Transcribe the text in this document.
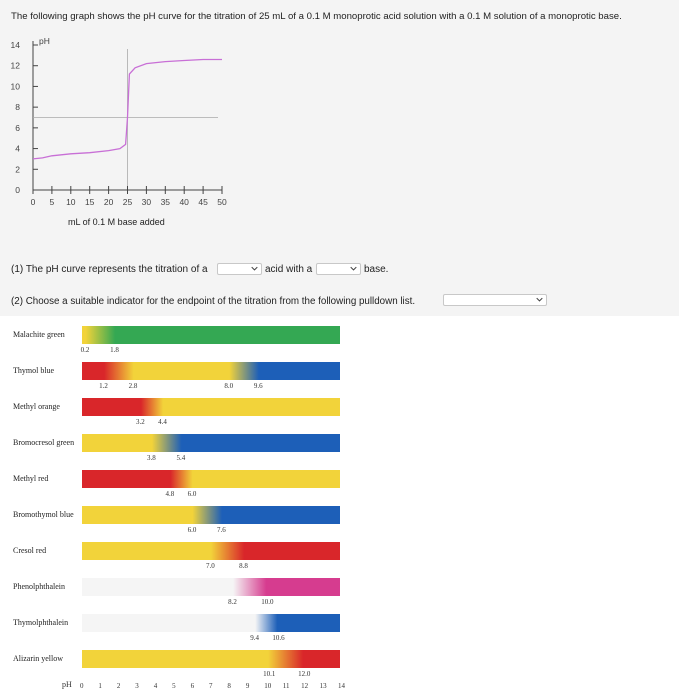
The following graph shows the pH curve for the titration of 25 mL of a 0.1 M monoprotic acid solution with a 0.1 M solution of a monoprotic base.
0
2
4
6
8
10
12
14 pH
0 5 10 15 20 25 30 35 40 45 50
mL of 0.1 M base added
(1) The pH curve represents the titration of a	acid with a	base.
(2) Choose a suitable indicator for the endpoint of the titration from the following pulldown list.
Malachite green
0.2	1.8
Thymol blue
1.2	2.8	8.0	9.6
Methyl orange
3.2 4.4
Bromocresol green
3.8	5.4
Methyl red
4.8 6.0
Bromothymol blue
6.0	7.6
Cresol red
7.0	8.8
Phenolphthalein
8.2	10.0
Thymolphthalein
9.4 10.6
Alizarin yellow
10.1	12.0
pH 0 1 2 3 4 5 6 7 8 9 10 11 12 13 14
